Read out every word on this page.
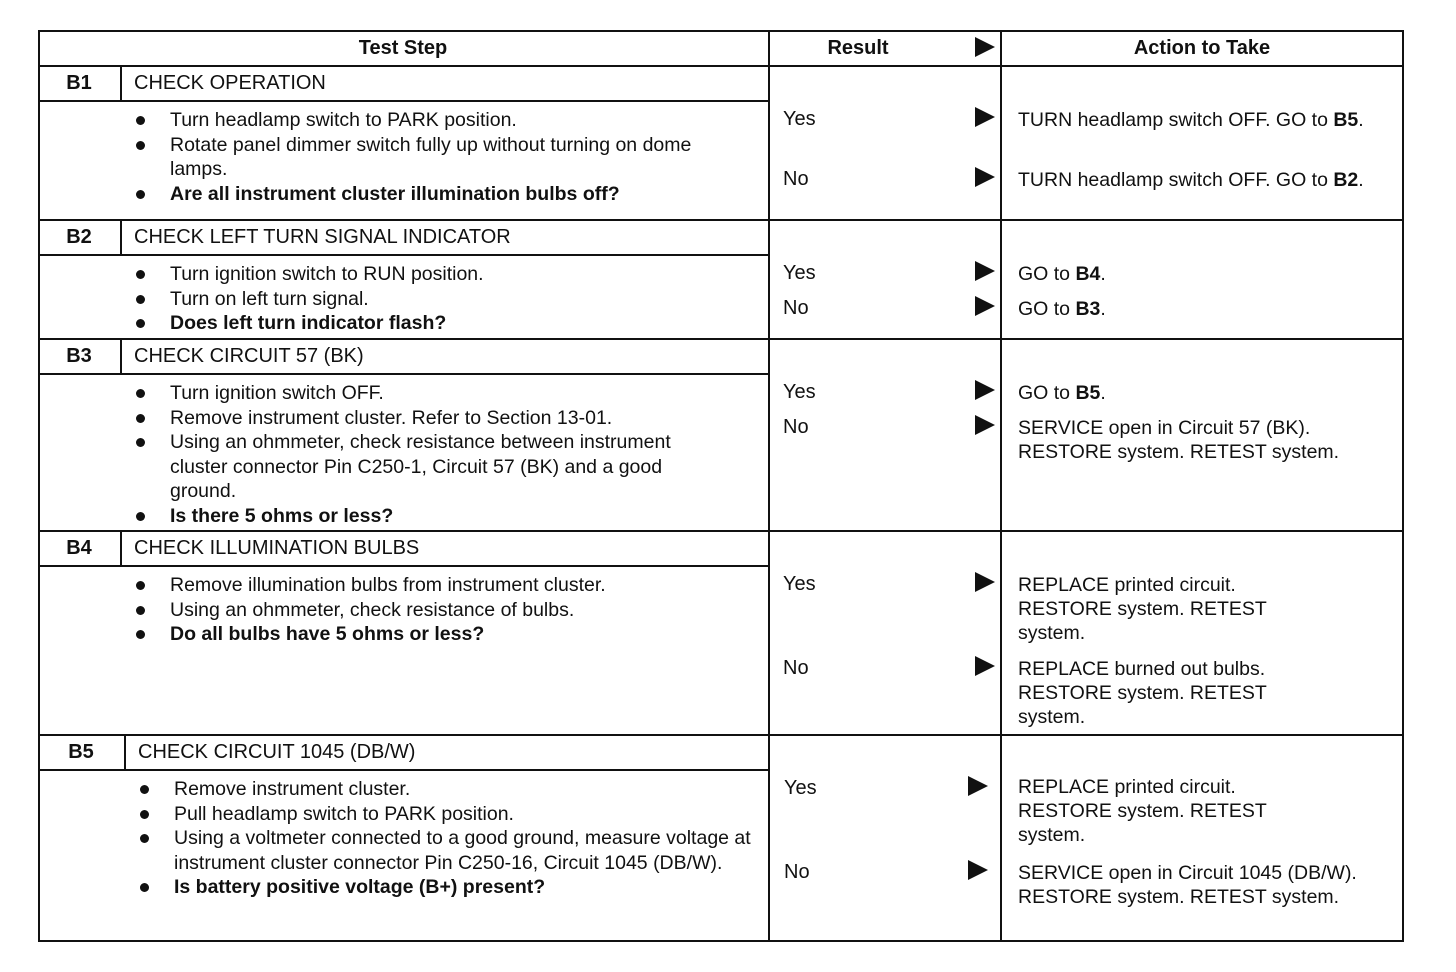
Test Step	Result	Action to Take
B1	CHECK OPERATION
Turn headlamp switch to PARK position.
Rotate panel dimmer switch fully up without turning on dome lamps.
Are all instrument cluster illumination bulbs off?
Yes	TURN headlamp switch OFF. GO to B5.
No	TURN headlamp switch OFF. GO to B2.
B2	CHECK LEFT TURN SIGNAL INDICATOR
Turn ignition switch to RUN position.
Turn on left turn signal.
Does left turn indicator flash?
Yes	GO to B4.
No	GO to B3.
B3	CHECK CIRCUIT 57 (BK)
Turn ignition switch OFF.
Remove instrument cluster. Refer to Section 13-01.
Using an ohmmeter, check resistance between instrument cluster connector Pin C250-1, Circuit 57 (BK) and a good ground.
Is there 5 ohms or less?
Yes	GO to B5.
No	SERVICE open in Circuit 57 (BK). RESTORE system. RETEST system.
B4	CHECK ILLUMINATION BULBS
Remove illumination bulbs from instrument cluster.
Using an ohmmeter, check resistance of bulbs.
Do all bulbs have 5 ohms or less?
Yes	REPLACE printed circuit. RESTORE system. RETEST system.
No	REPLACE burned out bulbs. RESTORE system. RETEST system.
B5	CHECK CIRCUIT 1045 (DB/W)
Remove instrument cluster.
Pull headlamp switch to PARK position.
Using a voltmeter connected to a good ground, measure voltage at instrument cluster connector Pin C250-16, Circuit 1045 (DB/W).
Is battery positive voltage (B+) present?
Yes	REPLACE printed circuit. RESTORE system. RETEST system.
No	SERVICE open in Circuit 1045 (DB/W). RESTORE system. RETEST system.
